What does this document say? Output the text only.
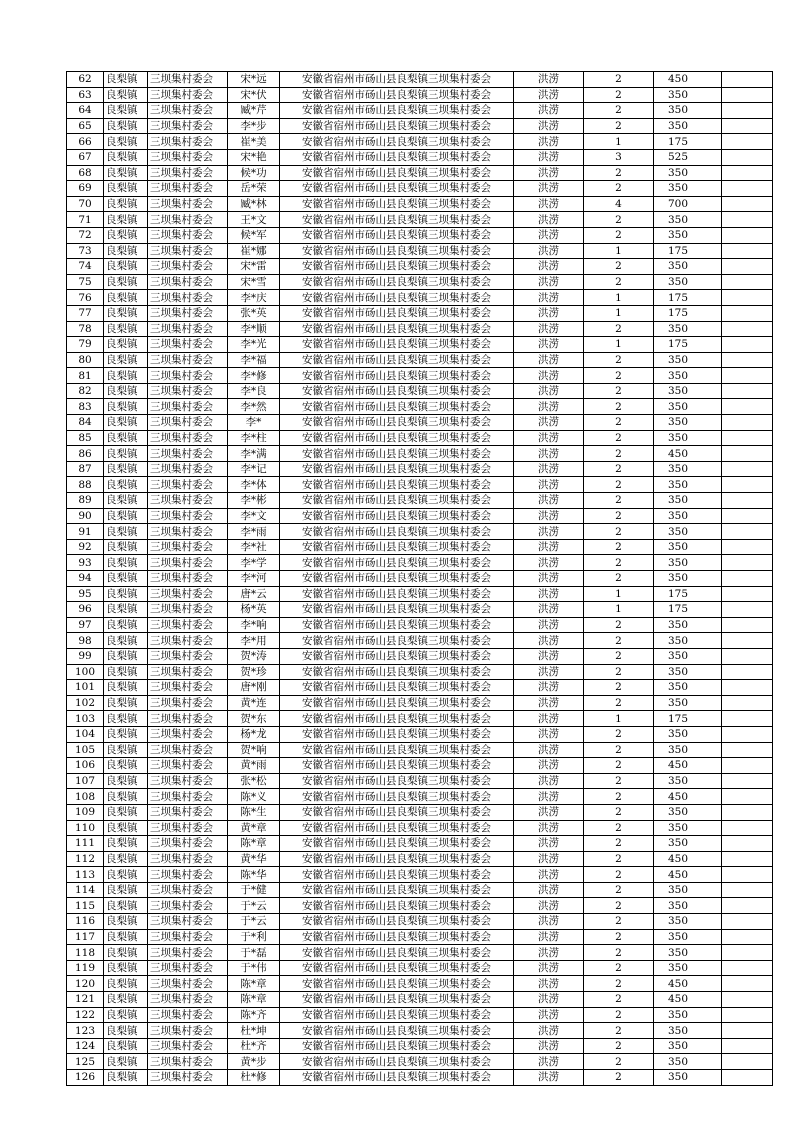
62	良梨镇	三坝集村委会	宋*远	安徽省宿州市砀山县良梨镇三坝集村委会	洪涝	2	450	
63	良梨镇	三坝集村委会	宋*伏	安徽省宿州市砀山县良梨镇三坝集村委会	洪涝	2	350	
64	良梨镇	三坝集村委会	臧*芹	安徽省宿州市砀山县良梨镇三坝集村委会	洪涝	2	350	
65	良梨镇	三坝集村委会	李*步	安徽省宿州市砀山县良梨镇三坝集村委会	洪涝	2	350	
66	良梨镇	三坝集村委会	崔*美	安徽省宿州市砀山县良梨镇三坝集村委会	洪涝	1	175	
67	良梨镇	三坝集村委会	宋*艳	安徽省宿州市砀山县良梨镇三坝集村委会	洪涝	3	525	
68	良梨镇	三坝集村委会	候*功	安徽省宿州市砀山县良梨镇三坝集村委会	洪涝	2	350	
69	良梨镇	三坝集村委会	岳*荣	安徽省宿州市砀山县良梨镇三坝集村委会	洪涝	2	350	
70	良梨镇	三坝集村委会	臧*林	安徽省宿州市砀山县良梨镇三坝集村委会	洪涝	4	700	
71	良梨镇	三坝集村委会	王*文	安徽省宿州市砀山县良梨镇三坝集村委会	洪涝	2	350	
72	良梨镇	三坝集村委会	候*军	安徽省宿州市砀山县良梨镇三坝集村委会	洪涝	2	350	
73	良梨镇	三坝集村委会	崔*娜	安徽省宿州市砀山县良梨镇三坝集村委会	洪涝	1	175	
74	良梨镇	三坝集村委会	宋*雷	安徽省宿州市砀山县良梨镇三坝集村委会	洪涝	2	350	
75	良梨镇	三坝集村委会	宋*雪	安徽省宿州市砀山县良梨镇三坝集村委会	洪涝	2	350	
76	良梨镇	三坝集村委会	李*庆	安徽省宿州市砀山县良梨镇三坝集村委会	洪涝	1	175	
77	良梨镇	三坝集村委会	张*英	安徽省宿州市砀山县良梨镇三坝集村委会	洪涝	1	175	
78	良梨镇	三坝集村委会	李*顺	安徽省宿州市砀山县良梨镇三坝集村委会	洪涝	2	350	
79	良梨镇	三坝集村委会	李*光	安徽省宿州市砀山县良梨镇三坝集村委会	洪涝	1	175	
80	良梨镇	三坝集村委会	李*福	安徽省宿州市砀山县良梨镇三坝集村委会	洪涝	2	350	
81	良梨镇	三坝集村委会	李*修	安徽省宿州市砀山县良梨镇三坝集村委会	洪涝	2	350	
82	良梨镇	三坝集村委会	李*良	安徽省宿州市砀山县良梨镇三坝集村委会	洪涝	2	350	
83	良梨镇	三坝集村委会	李*然	安徽省宿州市砀山县良梨镇三坝集村委会	洪涝	2	350	
84	良梨镇	三坝集村委会	李*	安徽省宿州市砀山县良梨镇三坝集村委会	洪涝	2	350	
85	良梨镇	三坝集村委会	李*柱	安徽省宿州市砀山县良梨镇三坝集村委会	洪涝	2	350	
86	良梨镇	三坝集村委会	李*满	安徽省宿州市砀山县良梨镇三坝集村委会	洪涝	2	450	
87	良梨镇	三坝集村委会	李*记	安徽省宿州市砀山县良梨镇三坝集村委会	洪涝	2	350	
88	良梨镇	三坝集村委会	李*体	安徽省宿州市砀山县良梨镇三坝集村委会	洪涝	2	350	
89	良梨镇	三坝集村委会	李*彬	安徽省宿州市砀山县良梨镇三坝集村委会	洪涝	2	350	
90	良梨镇	三坝集村委会	李*文	安徽省宿州市砀山县良梨镇三坝集村委会	洪涝	2	350	
91	良梨镇	三坝集村委会	李*雨	安徽省宿州市砀山县良梨镇三坝集村委会	洪涝	2	350	
92	良梨镇	三坝集村委会	李*社	安徽省宿州市砀山县良梨镇三坝集村委会	洪涝	2	350	
93	良梨镇	三坝集村委会	李*学	安徽省宿州市砀山县良梨镇三坝集村委会	洪涝	2	350	
94	良梨镇	三坝集村委会	李*河	安徽省宿州市砀山县良梨镇三坝集村委会	洪涝	2	350	
95	良梨镇	三坝集村委会	唐*云	安徽省宿州市砀山县良梨镇三坝集村委会	洪涝	1	175	
96	良梨镇	三坝集村委会	杨*英	安徽省宿州市砀山县良梨镇三坝集村委会	洪涝	1	175	
97	良梨镇	三坝集村委会	李*响	安徽省宿州市砀山县良梨镇三坝集村委会	洪涝	2	350	
98	良梨镇	三坝集村委会	李*用	安徽省宿州市砀山县良梨镇三坝集村委会	洪涝	2	350	
99	良梨镇	三坝集村委会	贺*涛	安徽省宿州市砀山县良梨镇三坝集村委会	洪涝	2	350	
100	良梨镇	三坝集村委会	贺*珍	安徽省宿州市砀山县良梨镇三坝集村委会	洪涝	2	350	
101	良梨镇	三坝集村委会	唐*刚	安徽省宿州市砀山县良梨镇三坝集村委会	洪涝	2	350	
102	良梨镇	三坝集村委会	黄*连	安徽省宿州市砀山县良梨镇三坝集村委会	洪涝	2	350	
103	良梨镇	三坝集村委会	贺*东	安徽省宿州市砀山县良梨镇三坝集村委会	洪涝	1	175	
104	良梨镇	三坝集村委会	杨*龙	安徽省宿州市砀山县良梨镇三坝集村委会	洪涝	2	350	
105	良梨镇	三坝集村委会	贺*响	安徽省宿州市砀山县良梨镇三坝集村委会	洪涝	2	350	
106	良梨镇	三坝集村委会	黄*雨	安徽省宿州市砀山县良梨镇三坝集村委会	洪涝	2	450	
107	良梨镇	三坝集村委会	张*松	安徽省宿州市砀山县良梨镇三坝集村委会	洪涝	2	350	
108	良梨镇	三坝集村委会	陈*义	安徽省宿州市砀山县良梨镇三坝集村委会	洪涝	2	450	
109	良梨镇	三坝集村委会	陈*生	安徽省宿州市砀山县良梨镇三坝集村委会	洪涝	2	350	
110	良梨镇	三坝集村委会	黄*章	安徽省宿州市砀山县良梨镇三坝集村委会	洪涝	2	350	
111	良梨镇	三坝集村委会	陈*章	安徽省宿州市砀山县良梨镇三坝集村委会	洪涝	2	350	
112	良梨镇	三坝集村委会	黄*华	安徽省宿州市砀山县良梨镇三坝集村委会	洪涝	2	450	
113	良梨镇	三坝集村委会	陈*华	安徽省宿州市砀山县良梨镇三坝集村委会	洪涝	2	450	
114	良梨镇	三坝集村委会	于*健	安徽省宿州市砀山县良梨镇三坝集村委会	洪涝	2	350	
115	良梨镇	三坝集村委会	于*云	安徽省宿州市砀山县良梨镇三坝集村委会	洪涝	2	350	
116	良梨镇	三坝集村委会	于*云	安徽省宿州市砀山县良梨镇三坝集村委会	洪涝	2	350	
117	良梨镇	三坝集村委会	于*利	安徽省宿州市砀山县良梨镇三坝集村委会	洪涝	2	350	
118	良梨镇	三坝集村委会	于*磊	安徽省宿州市砀山县良梨镇三坝集村委会	洪涝	2	350	
119	良梨镇	三坝集村委会	于*伟	安徽省宿州市砀山县良梨镇三坝集村委会	洪涝	2	350	
120	良梨镇	三坝集村委会	陈*章	安徽省宿州市砀山县良梨镇三坝集村委会	洪涝	2	450	
121	良梨镇	三坝集村委会	陈*章	安徽省宿州市砀山县良梨镇三坝集村委会	洪涝	2	450	
122	良梨镇	三坝集村委会	陈*齐	安徽省宿州市砀山县良梨镇三坝集村委会	洪涝	2	350	
123	良梨镇	三坝集村委会	杜*坤	安徽省宿州市砀山县良梨镇三坝集村委会	洪涝	2	350	
124	良梨镇	三坝集村委会	杜*齐	安徽省宿州市砀山县良梨镇三坝集村委会	洪涝	2	350	
125	良梨镇	三坝集村委会	黄*步	安徽省宿州市砀山县良梨镇三坝集村委会	洪涝	2	350	
126	良梨镇	三坝集村委会	杜*修	安徽省宿州市砀山县良梨镇三坝集村委会	洪涝	2	350	
